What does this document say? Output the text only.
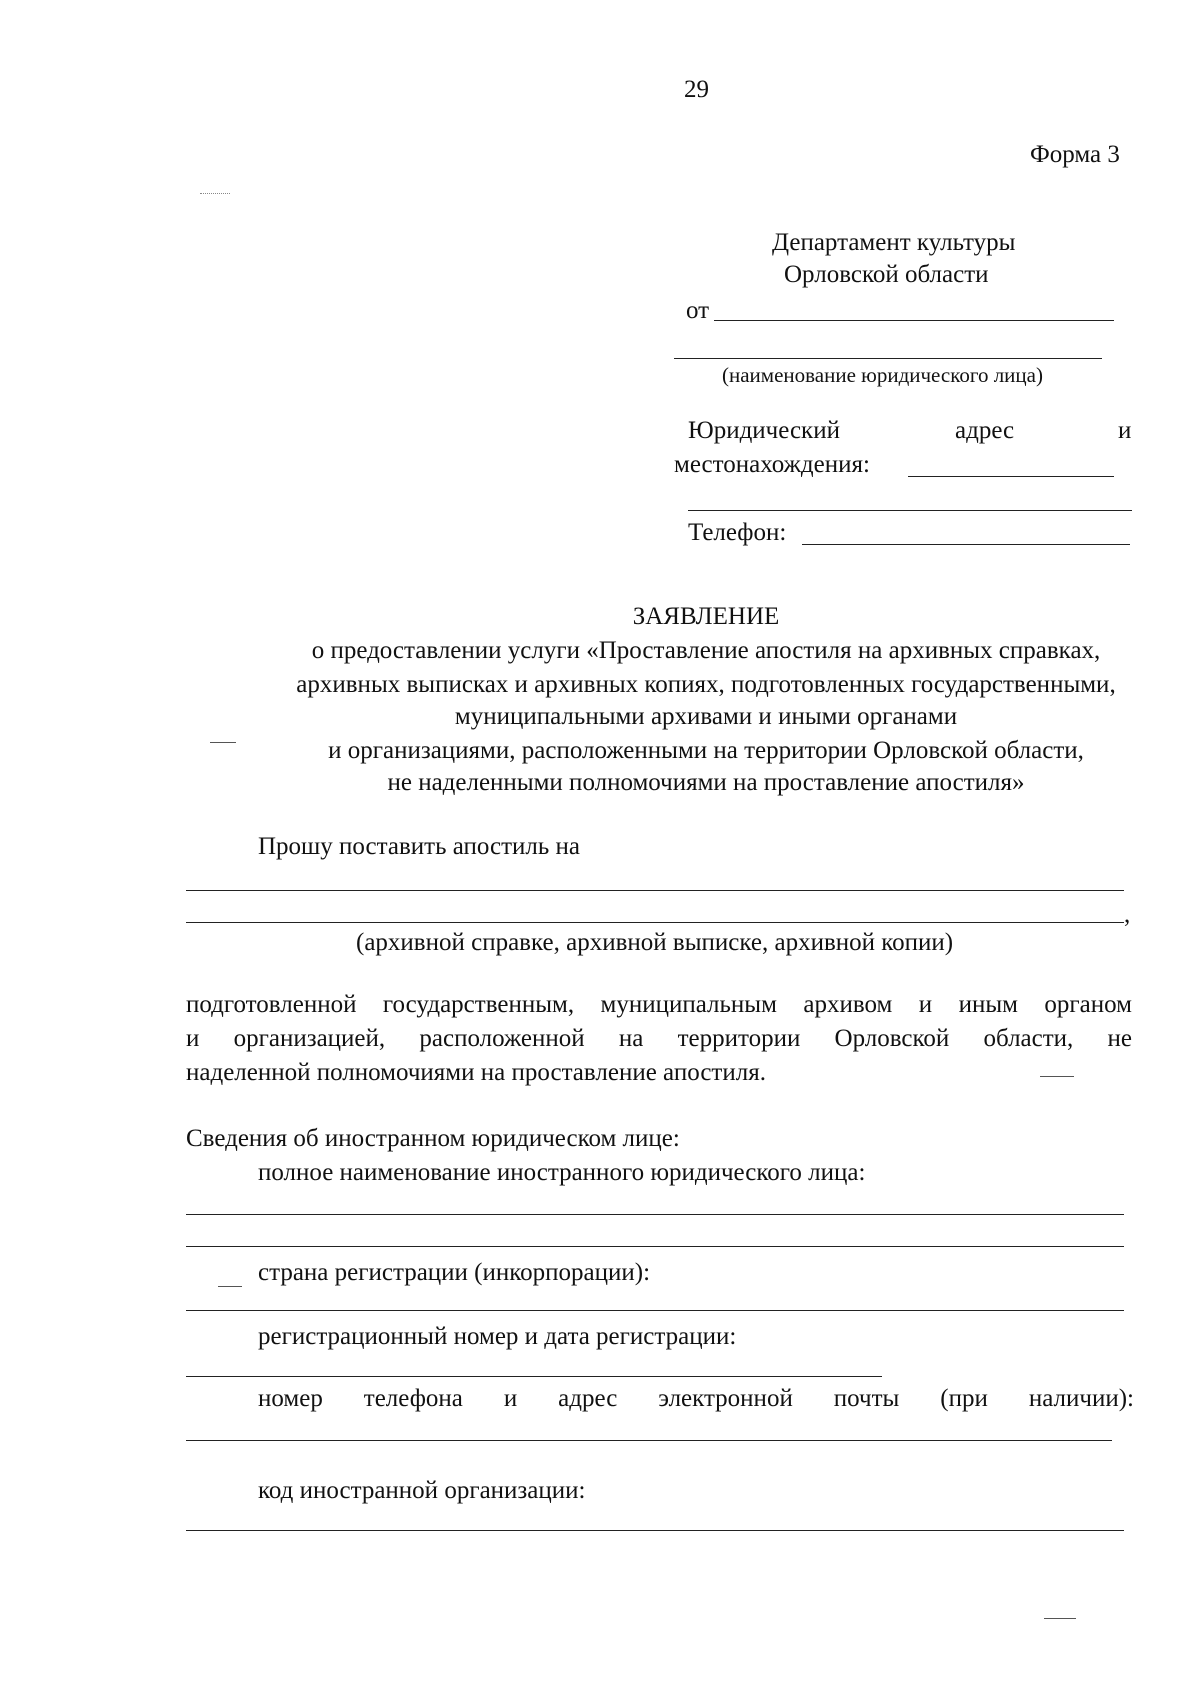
29
Форма 3
Департамент культуры
Орловской области
от
(наименование юридического лица)
Юридический	адрес	и
местонахождения:
Телефон:
ЗАЯВЛЕНИЕ
о предоставлении услуги «Проставление апостиля на архивных справках,
архивных выписках и архивных копиях, подготовленных государственными,
муниципальными архивами и иными органами
и организациями, расположенными на территории Орловской области,
не наделенными полномочиями на проставление апостиля»
Прошу поставить апостиль на
,
(архивной справке, архивной выписке, архивной копии)
подготовленной государственным, муниципальным архивом и иным органом
и организацией, расположенной на территории Орловской области, не
наделенной полномочиями на проставление апостиля.
Сведения об иностранном юридическом лице:
полное наименование иностранного юридического лица:
страна регистрации (инкорпорации):
регистрационный номер и дата регистрации:
номер телефона и адрес электронной почты (при наличии):
код иностранной организации:
